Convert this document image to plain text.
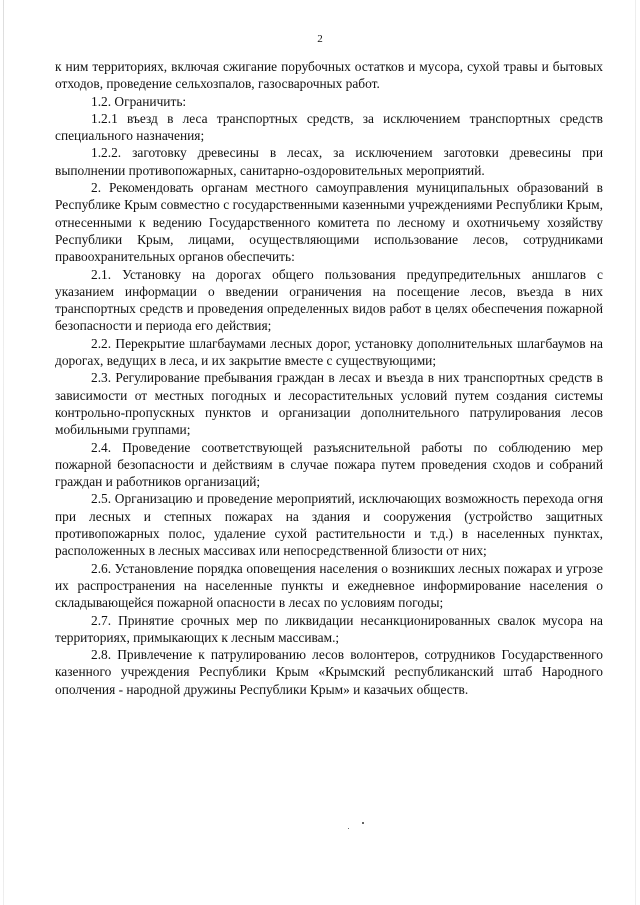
2

к ним территориях, включая сжигание порубочных остатков и мусора, сухой травы и бытовых отходов, проведение сельхозпалов, газосварочных работ.

1.2. Ограничить:

1.2.1 въезд в леса транспортных средств, за исключением транспортных средств специального назначения;

1.2.2. заготовку древесины в лесах, за исключением заготовки древесины при выполнении противопожарных, санитарно-оздоровительных мероприятий.

2. Рекомендовать органам местного самоуправления муниципальных образований в Республике Крым совместно с государственными казенными учреждениями Республики Крым, отнесенными к ведению Государственного комитета по лесному и охотничьему хозяйству Республики Крым, лицами, осуществляющими использование лесов, сотрудниками правоохранительных органов обеспечить:

2.1. Установку на дорогах общего пользования предупредительных аншлагов с указанием информации о введении ограничения на посещение лесов, въезда в них транспортных средств и проведения определенных видов работ в целях обеспечения пожарной безопасности и периода его действия;

2.2. Перекрытие шлагбаумами лесных дорог, установку дополнительных шлагбаумов на дорогах, ведущих в леса, и их закрытие вместе с существующими;

2.3. Регулирование пребывания граждан в лесах и въезда в них транспортных средств в зависимости от местных погодных и лесорастительных условий путем создания системы контрольно-пропускных пунктов и организации дополнительного патрулирования лесов мобильными группами;

2.4. Проведение соответствующей разъяснительной работы по соблюдению мер пожарной безопасности и действиям в случае пожара путем проведения сходов и собраний граждан и работников организаций;

2.5. Организацию и проведение мероприятий, исключающих возможность перехода огня при лесных и степных пожарах на здания и сооружения (устройство защитных противопожарных полос, удаление сухой растительности и т.д.) в населенных пунктах, расположенных в лесных массивах или непосредственной близости от них;

2.6. Установление порядка оповещения населения о возникших лесных пожарах и угрозе их распространения на населенные пункты и ежедневное информирование населения о складывающейся пожарной опасности в лесах по условиям погоды;

2.7. Принятие срочных мер по ликвидации несанкционированных свалок мусора на территориях, примыкающих к лесным массивам.;

2.8. Привлечение к патрулированию лесов волонтеров, сотрудников Государственного казенного учреждения Республики Крым «Крымский республиканский штаб Народного ополчения - народной дружины Республики Крым» и казачьих обществ.
